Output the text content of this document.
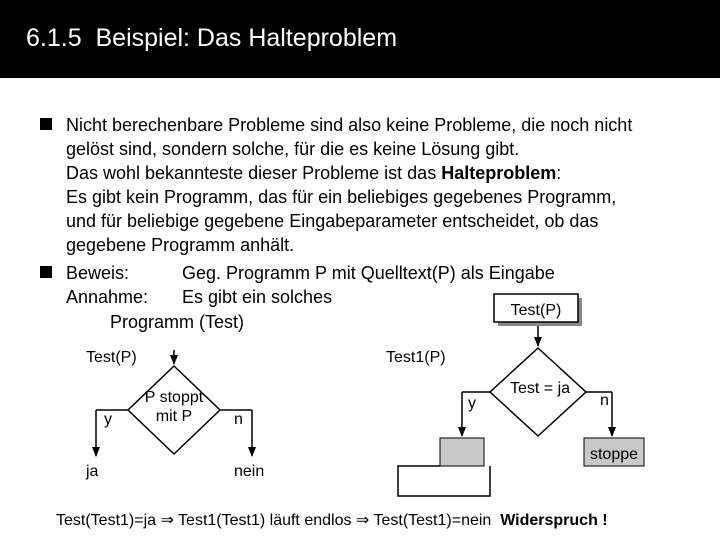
6.1.5  Beispiel: Das Halteproblem
Nicht berechenbare Probleme sind also keine Probleme, die noch nicht
gelöst sind, sondern solche, für die es keine Lösung gibt.
Das wohl bekannteste dieser Probleme ist das Halteproblem:
Es gibt kein Programm, das für ein beliebiges gegebenes Programm,
und für beliebige gegebene Eingabeparameter entscheidet, ob das
gegebene Programm anhält.
Beweis:	Geg. Programm P mit Quelltext(P) als Eingabe
Annahme: Es gibt ein solches
Programm (Test)
Test(P)
Test(P)
P stoppt
mit P
y
ja
n
nein
Test1(P)
Test = ja
y	n
stoppe
Test(Test1)=ja ⇒ Test1(Test1) läuft endlos ⇒ Test(Test1)=nein  Widerspruch !
